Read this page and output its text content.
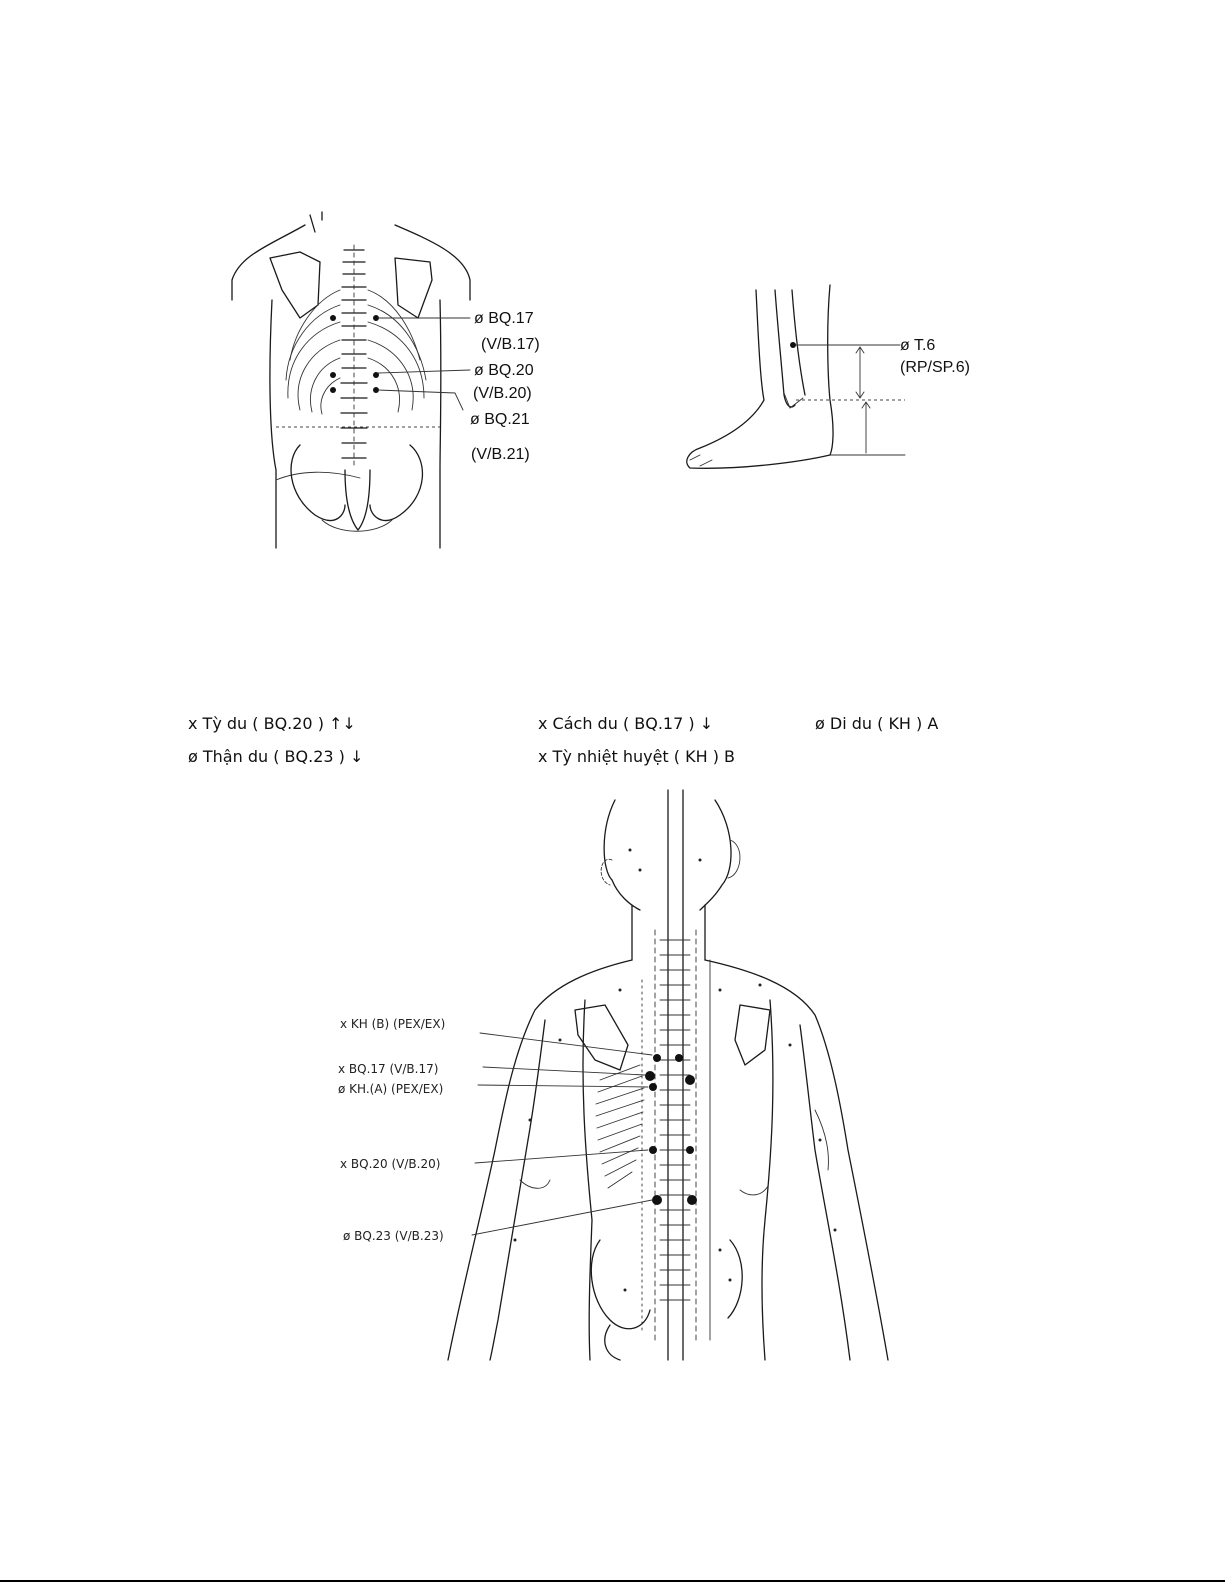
ø BQ.17
(V/B.17)
ø BQ.20
(V/B.20)
ø BQ.21
(V/B.21)
ø T.6
(RP/SP.6)
x Tỳ du ( BQ.20 ) ↑↓
ø Thận du ( BQ.23 ) ↓
x Cách du ( BQ.17 ) ↓
x Tỳ nhiệt huyệt ( KH ) B
ø Di du ( KH ) A
x KH (B) (PEX/EX)
x BQ.17 (V/B.17)
ø KH.(A) (PEX/EX)
x BQ.20 (V/B.20)
ø BQ.23 (V/B.23)
